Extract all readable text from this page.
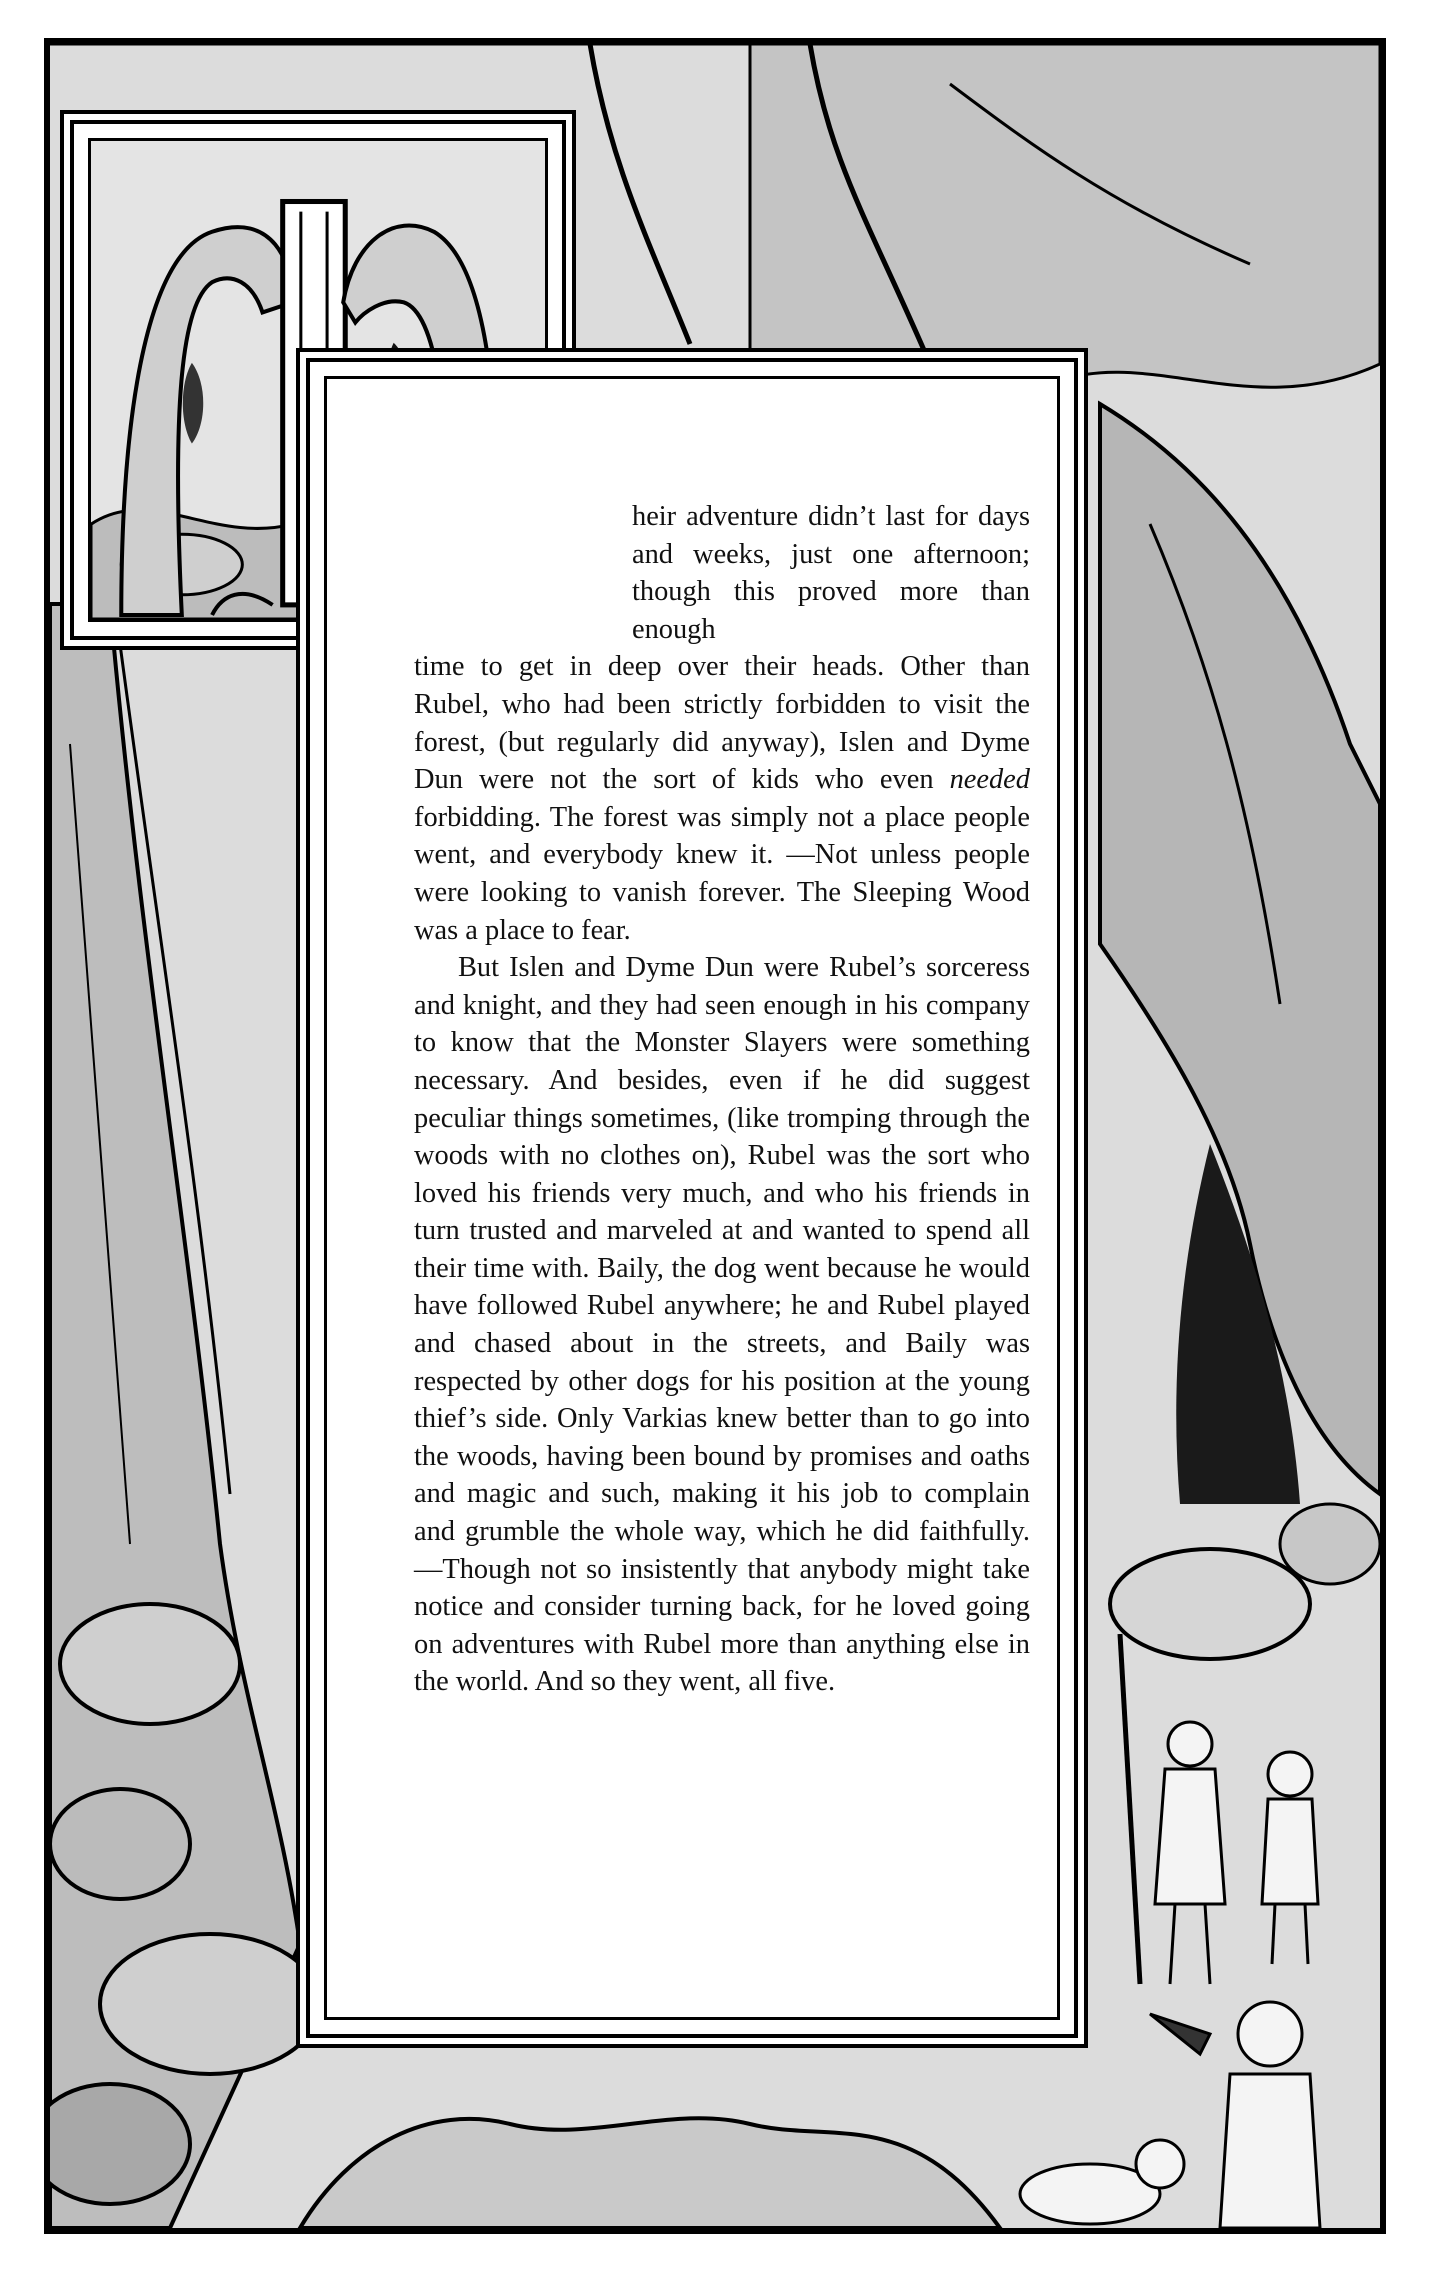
heir adventure didn’t last for days and weeks, just one afternoon; though this proved more than enough
time to get in deep over their heads. Other than Rubel, who had been strictly forbidden to visit the forest, (but regularly did anyway), Islen and Dyme Dun were not the sort of kids who even needed forbidding. The forest was simply not a place people went, and everybody knew it. —Not unless people were looking to vanish forever. The Sleeping Wood was a place to fear.

But Islen and Dyme Dun were Rubel’s sorceress and knight, and they had seen enough in his company to know that the Monster Slayers were something necessary. And besides, even if he did suggest peculiar things sometimes, (like tromping through the woods with no clothes on), Rubel was the sort who loved his friends very much, and who his friends in turn trusted and marveled at and wanted to spend all their time with. Baily, the dog went because he would have followed Rubel anywhere; he and Rubel played and chased about in the streets, and Baily was respected by other dogs for his position at the young thief’s side. Only Varkias knew better than to go into the woods, having been bound by promises and oaths and magic and such, making it his job to complain and grumble the whole way, which he did faithfully. —Though not so insistently that anybody might take notice and consider turning back, for he loved going on adventures with Rubel more than anything else in the world. And so they went, all five.
